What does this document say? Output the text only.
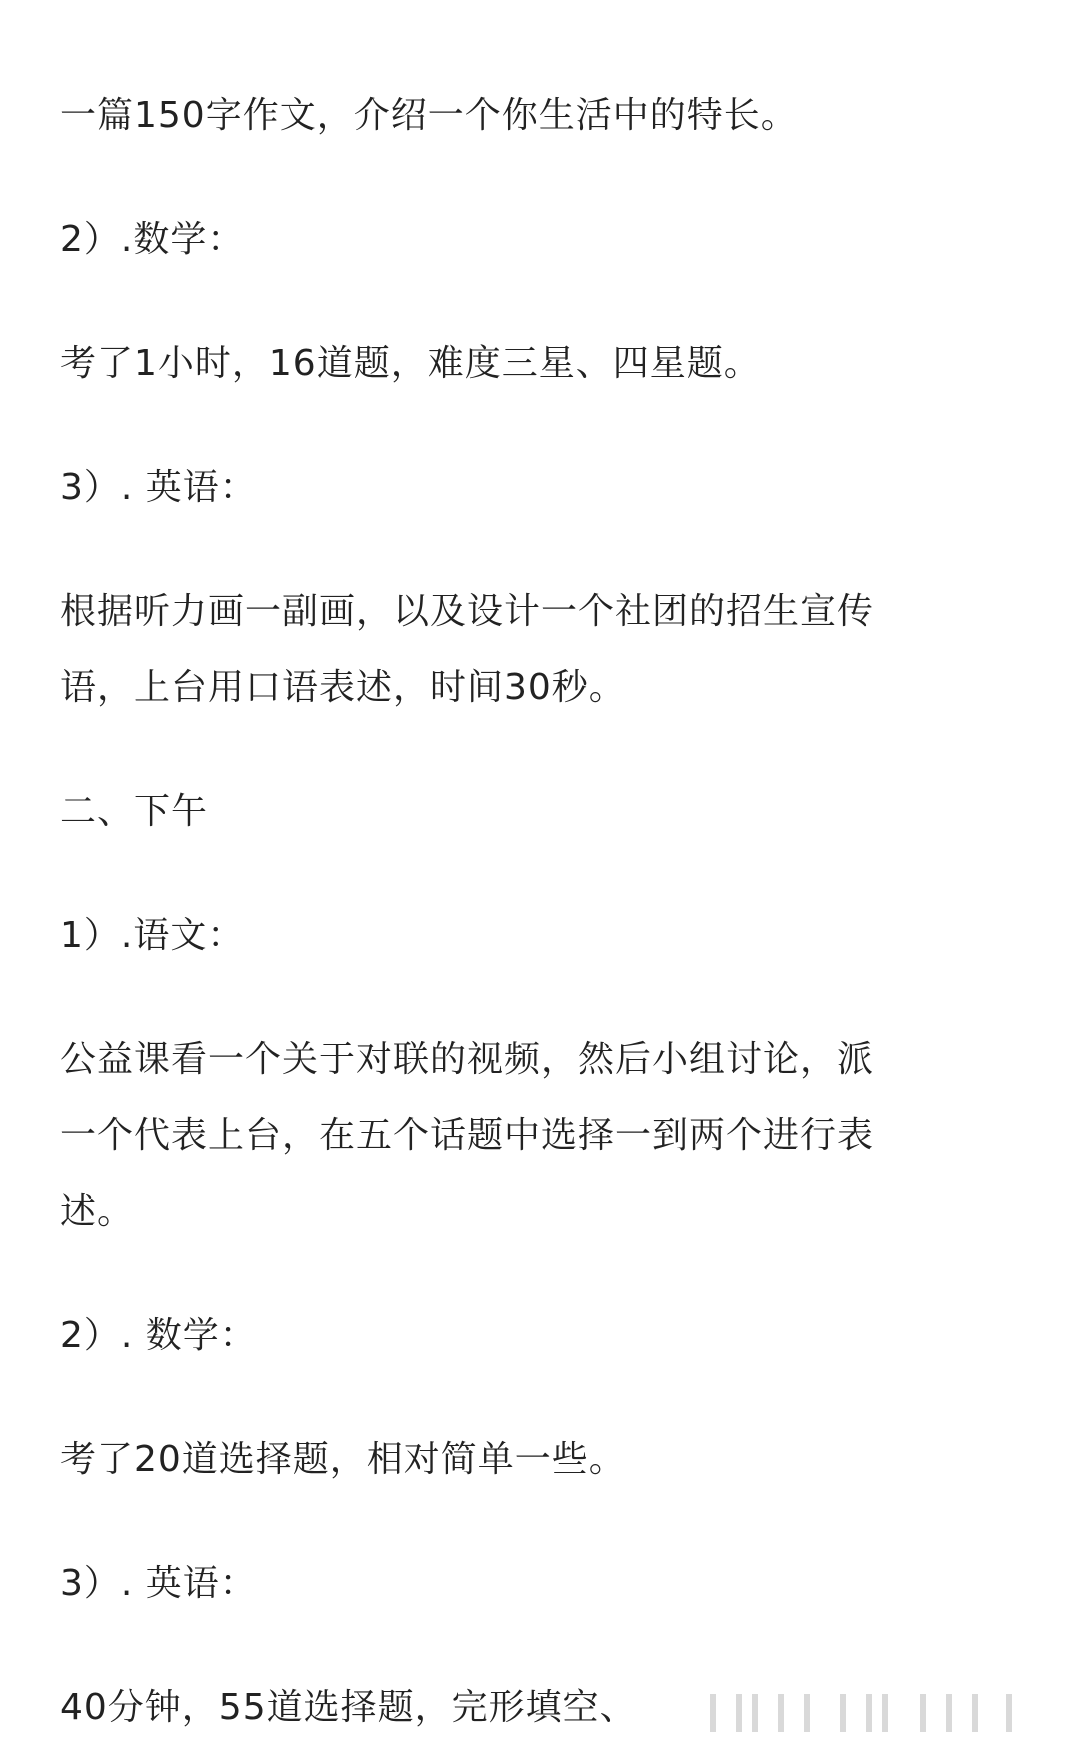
一篇150字作文，介绍一个你生活中的特长。
2）.数学：
考了1小时，16道题，难度三星、四星题。
3）. 英语：
根据听力画一副画，以及设计一个社团的招生宣传
语，上台用口语表述，时间30秒。
二、下午
1）.语文：
公益课看一个关于对联的视频，然后小组讨论，派
一个代表上台，在五个话题中选择一到两个进行表
述。
2）. 数学：
考了20道选择题，相对简单一些。
3）. 英语：
40分钟，55道选择题，完形填空、
